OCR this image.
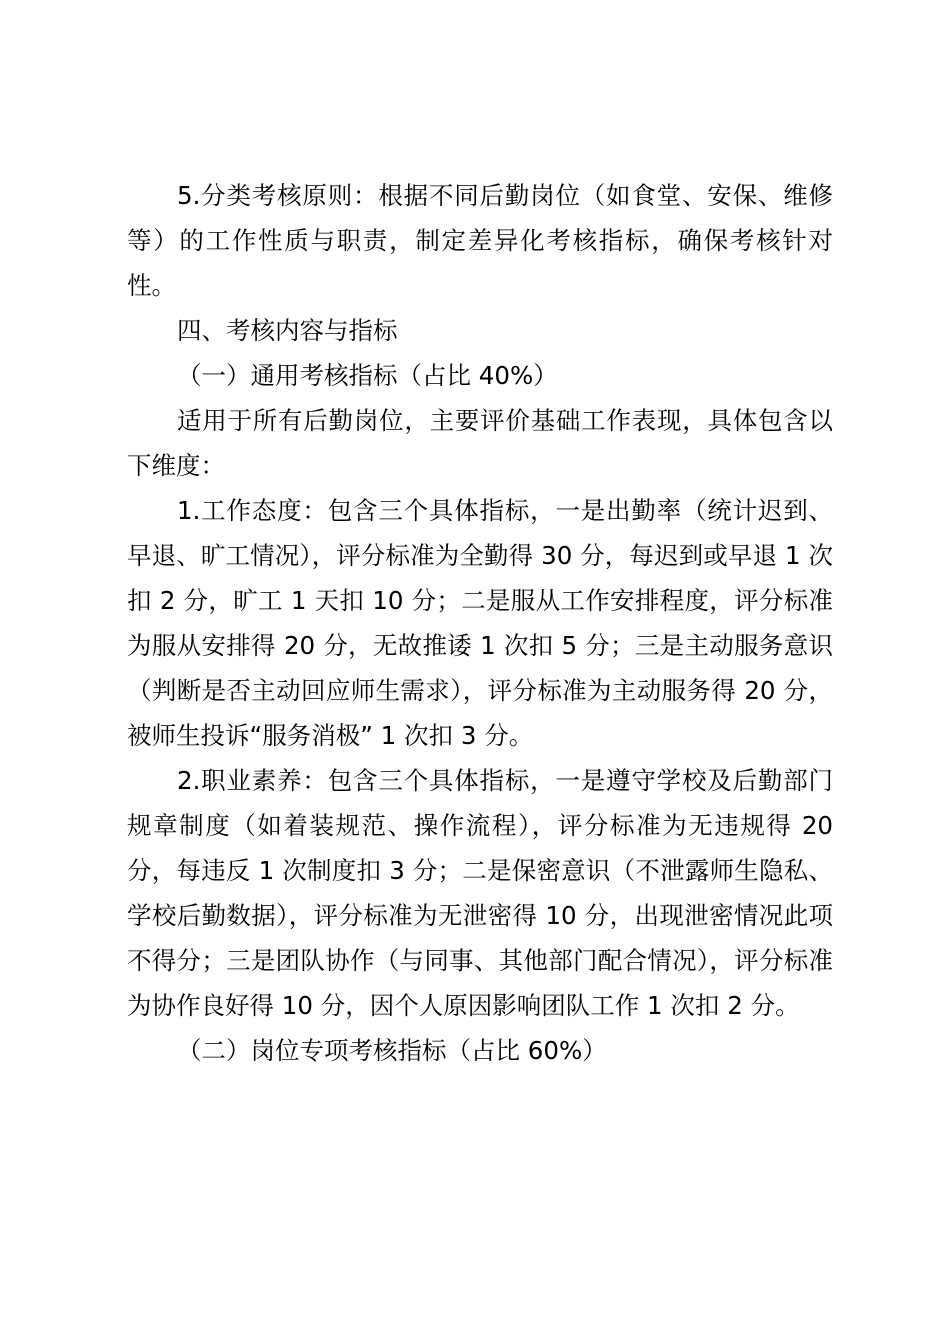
5.分类考核原则：根据不同后勤岗位（如食堂、安保、维修等）的工作性质与职责，制定差异化考核指标，确保考核针对性。

四、考核内容与指标

（一）通用考核指标（占比 40%）

适用于所有后勤岗位，主要评价基础工作表现，具体包含以下维度：

1.工作态度：包含三个具体指标，一是出勤率（统计迟到、早退、旷工情况），评分标准为全勤得 30 分，每迟到或早退 1 次扣 2 分，旷工 1 天扣 10 分；二是服从工作安排程度，评分标准为服从安排得 20 分，无故推诿 1 次扣 5 分；三是主动服务意识（判断是否主动回应师生需求），评分标准为主动服务得 20 分，被师生投诉“服务消极” 1 次扣 3 分。

2.职业素养：包含三个具体指标，一是遵守学校及后勤部门规章制度（如着装规范、操作流程），评分标准为无违规得 20 分，每违反 1 次制度扣 3 分；二是保密意识（不泄露师生隐私、学校后勤数据），评分标准为无泄密得 10 分，出现泄密情况此项不得分；三是团队协作（与同事、其他部门配合情况），评分标准为协作良好得 10 分，因个人原因影响团队工作 1 次扣 2 分。

（二）岗位专项考核指标（占比 60%）
